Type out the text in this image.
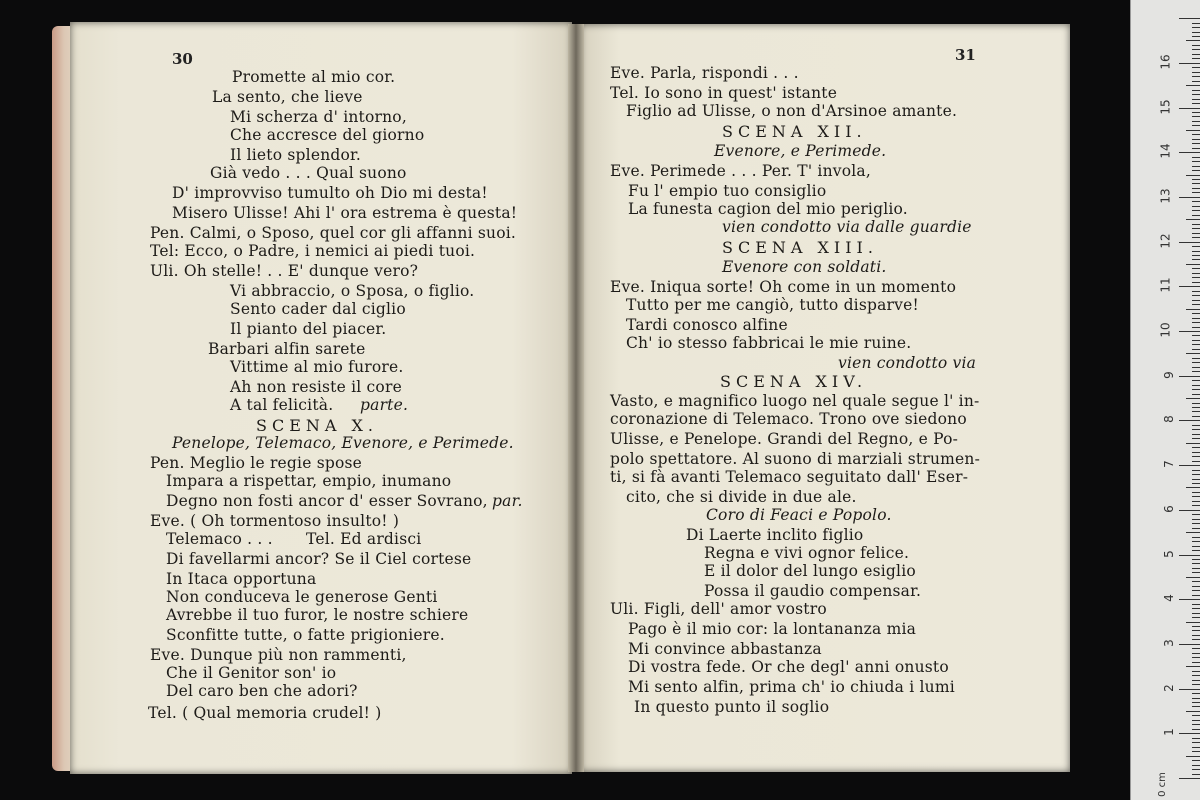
30
Promette al mio cor.
La sento, che lieve
Mi scherza d' intorno,
Che accresce del giorno
Il lieto splendor.
Già vedo . . . Qual suono
D' improvviso tumulto oh Dio mi desta!
Misero Ulisse! Ahi l' ora estrema è questa!
Pen. Calmi, o Sposo, quel cor gli affanni suoi.
Tel: Ecco, o Padre, i nemici ai piedi tuoi.
Uli. Oh stelle! . . E' dunque vero?
Vi abbraccio, o Sposa, o figlio.
Sento cader dal ciglio
Il pianto del piacer.
Barbari alfin sarete
Vittime al mio furore.
Ah non resiste il core
A tal felicità.
SCENA X.
Penelope, Telemaco, Evenore, e Perimede.
Pen. Meglio le regie spose
Impara a rispettar, empio, inumano
Degno non fosti ancor d' esser Sovrano,
Eve. ( Oh tormentoso insulto! )
Telemaco . . .
Di favellarmi ancor? Se il Ciel cortese
In Itaca opportuna
Non conduceva le generose Genti
Avrebbe il tuo furor, le nostre schiere
Sconfitte tutte, o fatte prigioniere.
Eve. Dunque più non rammenti,
Che il Genitor son' io
Del caro ben che adori?
Tel. ( Qual memoria crudel! )
parte.
par.
Tel. Ed ardisci
31
Eve. Parla, rispondi . . .
Tel. Io sono in quest' istante
Figlio ad Ulisse, o non d'Arsinoe amante.
SCENA XII.
Evenore, e Perimede.
Eve. Perimede . . . Per. T' invola,
Fu l' empio tuo consiglio
La funesta cagion del mio periglio.
vien condotto via dalle guardie
SCENA XIII.
Evenore con soldati.
Eve. Iniqua sorte! Oh come in un momento
Tutto per me cangiò, tutto disparve!
Tardi conosco alfine
Ch' io stesso fabbricai le mie ruine.
vien condotto via
SCENA XIV.
Vasto, e magnifico luogo nel quale segue l' in-
coronazione di Telemaco. Trono ove siedono
Ulisse, e Penelope. Grandi del Regno, e Po-
polo spettatore. Al suono di marziali strumen-
ti, si fà avanti Telemaco seguitato dall' Eser-
cito, che si divide in due ale.
Coro di Feaci e Popolo.
Di Laerte inclito figlio
Regna e vivi ognor felice.
E il dolor del lungo esiglio
Possa il gaudio compensar.
Uli. Figli, dell' amor vostro
Pago è il mio cor: la lontananza mia
Mi convince abbastanza
Di vostra fede. Or che degl' anni onusto
Mi sento alfin, prima ch' io chiuda i lumi
In questo punto il soglio
0 cm
16
15
14
13
12
11
10
9
8
7
6
5
4
3
2
1
